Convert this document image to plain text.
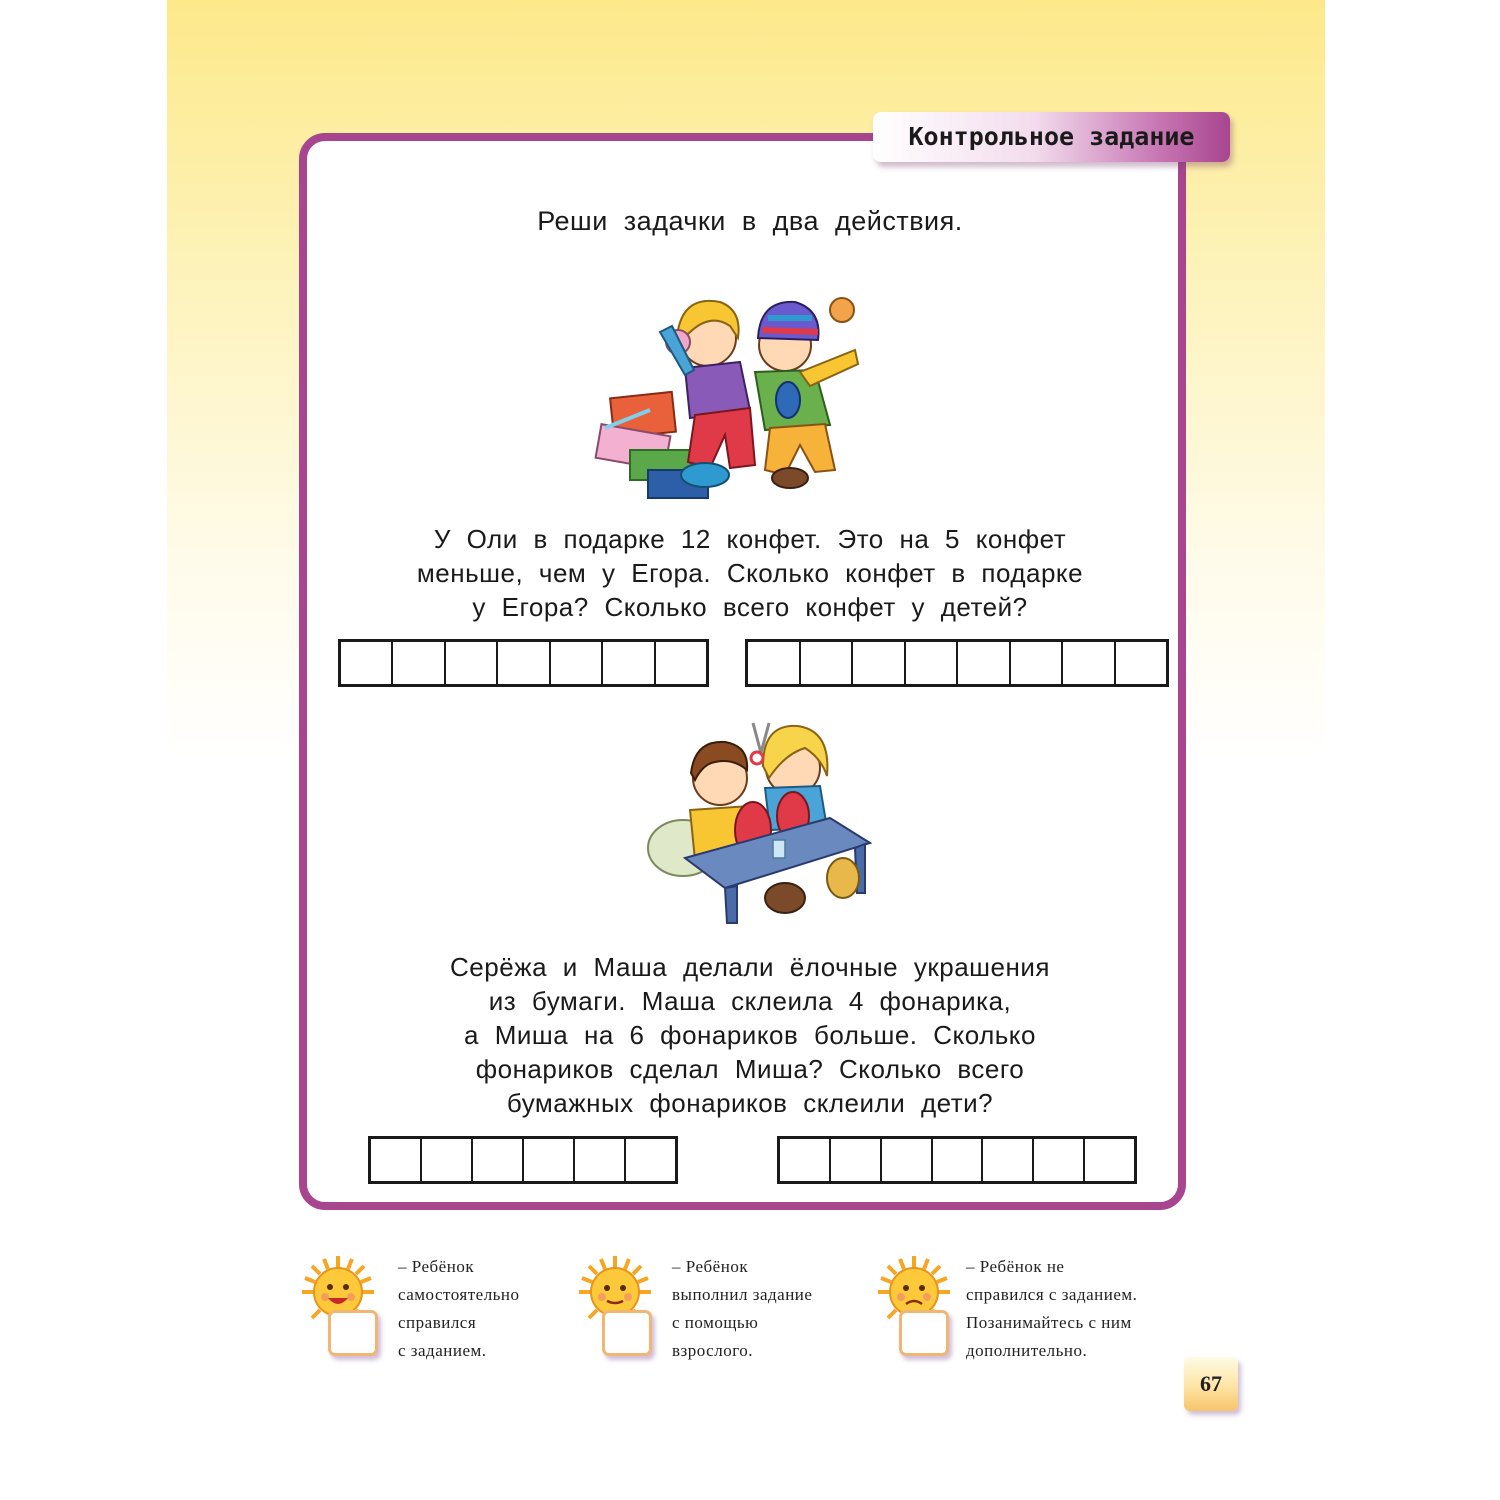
Контрольное задание
Реши задачки в два действия.
У Оли в подарке 12 конфет. Это на 5 конфет
меньше, чем у Егора. Сколько конфет в подарке
у Егора? Сколько всего конфет у детей?
Серёжа и Маша делали ёлочные украшения
из бумаги. Маша склеила 4 фонарика,
а Миша на 6 фонариков больше. Сколько
фонариков сделал Миша? Сколько всего
бумажных фонариков склеили дети?
– Ребёнок
самостоятельно
справился
с заданием.
– Ребёнок
выполнил задание
с помощью
взрослого.
– Ребёнок не
справился с заданием.
Позанимайтесь с ним
дополнительно.
67
